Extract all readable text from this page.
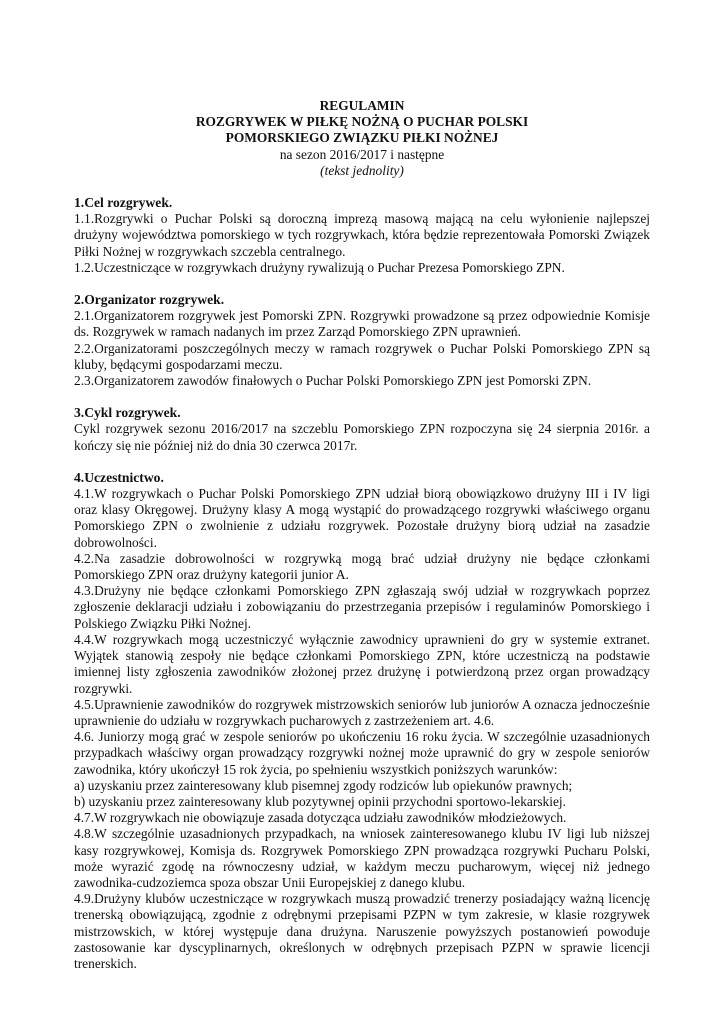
REGULAMIN
ROZGRYWEK W PIŁKĘ NOŻNĄ O PUCHAR POLSKI
POMORSKIEGO ZWIĄZKU PIŁKI NOŻNEJ
na sezon 2016/2017 i następne
(tekst jednolity)
1.Cel rozgrywek.

1.1.Rozgrywki o Puchar Polski są doroczną imprezą masową mającą na celu wyłonienie najlepszej drużyny województwa pomorskiego w tych rozgrywkach, która będzie reprezentowała Pomorski Związek Piłki Nożnej w rozgrywkach szczebla centralnego.

1.2.Uczestniczące w rozgrywkach drużyny rywalizują o Puchar Prezesa Pomorskiego ZPN.

2.Organizator rozgrywek.

2.1.Organizatorem rozgrywek jest Pomorski ZPN. Rozgrywki prowadzone są przez odpowiednie Komisje ds. Rozgrywek w ramach nadanych im przez Zarząd Pomorskiego ZPN uprawnień.

2.2.Organizatorami poszczególnych meczy w ramach rozgrywek o Puchar Polski Pomorskiego ZPN są kluby, będącymi gospodarzami meczu.

2.3.Organizatorem zawodów finałowych o Puchar Polski Pomorskiego ZPN jest Pomorski ZPN.

3.Cykl rozgrywek.

Cykl rozgrywek sezonu 2016/2017 na szczeblu Pomorskiego ZPN rozpoczyna się 24 sierpnia 2016r. a kończy się nie później niż do dnia 30 czerwca 2017r.

4.Uczestnictwo.

4.1.W rozgrywkach o Puchar Polski Pomorskiego ZPN udział biorą obowiązkowo drużyny III i IV ligi oraz klasy Okręgowej. Drużyny klasy A mogą wystąpić do prowadzącego rozgrywki właściwego organu Pomorskiego ZPN o zwolnienie z udziału rozgrywek. Pozostałe drużyny biorą udział na zasadzie dobrowolności.

4.2.Na zasadzie dobrowolności w rozgrywką mogą brać udział drużyny nie będące członkami Pomorskiego ZPN oraz drużyny kategorii junior A.

4.3.Drużyny nie będące członkami Pomorskiego ZPN zgłaszają swój udział w rozgrywkach poprzez zgłoszenie deklaracji udziału i zobowiązaniu do przestrzegania przepisów i regulaminów Pomorskiego i Polskiego Związku Piłki Nożnej.

4.4.W rozgrywkach mogą uczestniczyć wyłącznie zawodnicy uprawnieni do gry w systemie extranet. Wyjątek stanowią zespoły nie będące członkami Pomorskiego ZPN, które uczestniczą na podstawie imiennej listy zgłoszenia zawodników złożonej przez drużynę i potwierdzoną przez organ prowadzący rozgrywki.

4.5.Uprawnienie zawodników do rozgrywek mistrzowskich seniorów lub juniorów A oznacza jednocześnie uprawnienie do udziału w rozgrywkach pucharowych z zastrzeżeniem art. 4.6.

4.6. Juniorzy mogą grać w zespole seniorów po ukończeniu 16 roku życia. W szczególnie uzasadnionych przypadkach właściwy organ prowadzący rozgrywki nożnej może uprawnić do gry w zespole seniorów zawodnika, który ukończył 15 rok życia, po spełnieniu wszystkich poniższych warunków:

a) uzyskaniu przez zainteresowany klub pisemnej zgody rodziców lub opiekunów prawnych;

b) uzyskaniu przez zainteresowany klub pozytywnej opinii przychodni sportowo-lekarskiej.

4.7.W rozgrywkach nie obowiązuje zasada dotycząca udziału zawodników młodzieżowych.

4.8.W szczególnie uzasadnionych przypadkach, na wniosek zainteresowanego klubu IV ligi lub niższej kasy rozgrywkowej, Komisja ds. Rozgrywek Pomorskiego ZPN prowadząca rozgrywki Pucharu Polski, może wyrazić zgodę na równoczesny udział, w każdym meczu pucharowym, więcej niż jednego zawodnika-cudzoziemca spoza obszar Unii Europejskiej z danego klubu.

4.9.Drużyny klubów uczestniczące w rozgrywkach muszą prowadzić trenerzy posiadający ważną licencję trenerską obowiązującą, zgodnie z odrębnymi przepisami PZPN w tym zakresie, w klasie rozgrywek mistrzowskich, w której występuje dana drużyna. Naruszenie powyższych postanowień powoduje zastosowanie kar dyscyplinarnych, określonych w odrębnych przepisach PZPN w sprawie licencji trenerskich.
